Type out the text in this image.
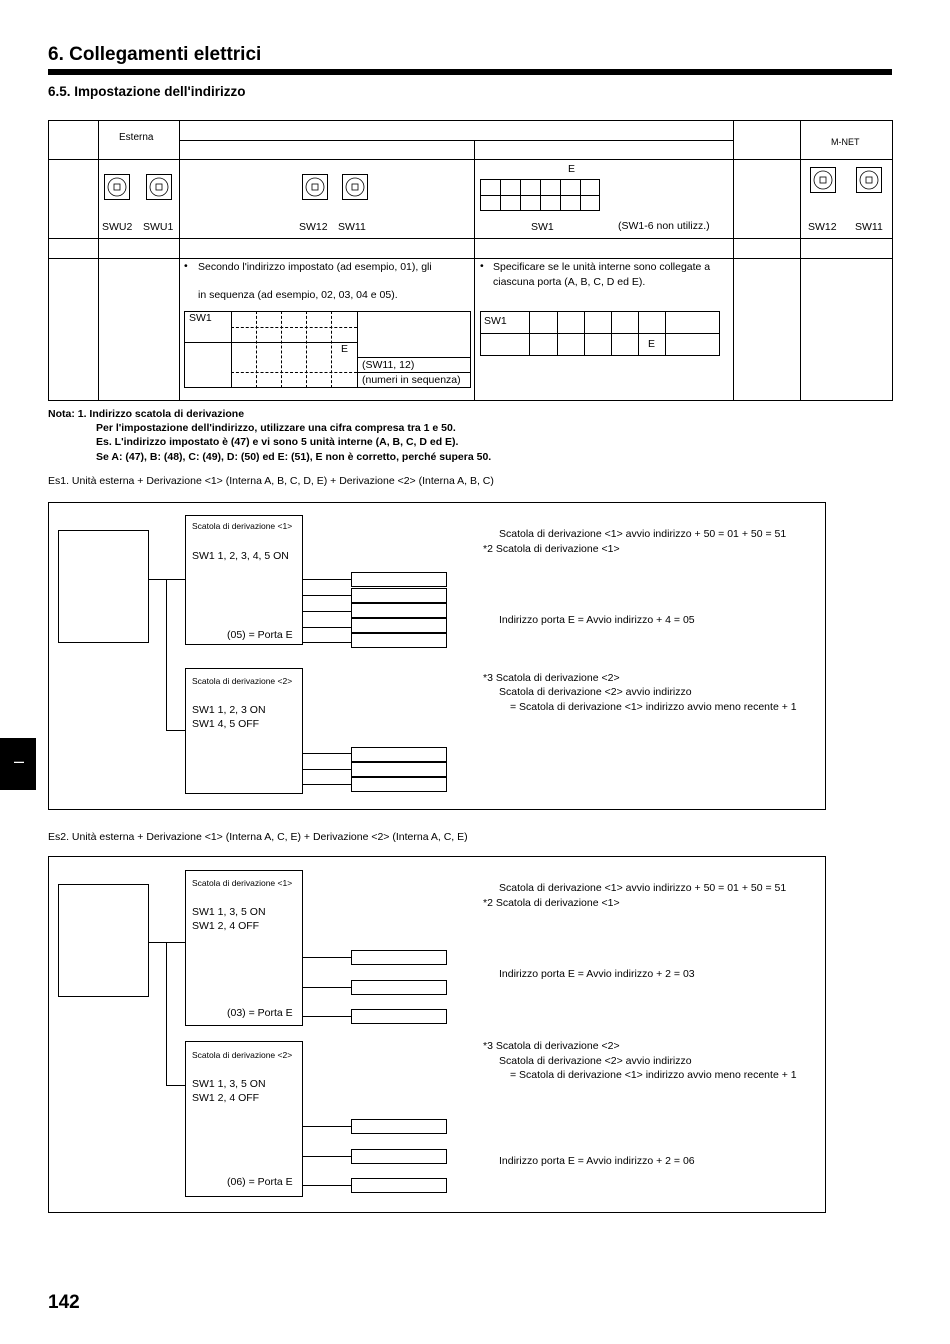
6. Collegamenti elettrici
6.5. Impostazione dell'indirizzo
Esterna	M-NET
SWU2 SWU1	SW12 SW11
E
SW1	(SW1-6 non utilizz.)	SW12 SW11
• Secondo l'indirizzo impostato (ad esempio, 01), gli
in sequenza (ad esempio, 02, 03, 04 e 05).
SW1
E
(SW11, 12)
(numeri in sequenza)
• Specificare se le unità interne sono collegate a
ciascuna porta (A, B, C, D ed E).
SW1
E
Nota: 1. Indirizzo scatola di derivazione
Per l'impostazione dell'indirizzo, utilizzare una cifra compresa tra 1 e 50.
Es. L'indirizzo impostato è (47) e vi sono 5 unità interne (A, B, C, D ed E).
Se A: (47), B: (48), C: (49), D: (50) ed E: (51), E non è corretto, perché supera 50.
Es1. Unità esterna + Derivazione <1> (Interna A, B, C, D, E) + Derivazione <2> (Interna A, B, C)
Scatola di derivazione <1>
SW1 1, 2, 3, 4, 5 ON
(05) = Porta E
Scatola di derivazione <2>
SW1 1, 2, 3 ON
SW1 4, 5 OFF
Scatola di derivazione <1> avvio indirizzo + 50 = 01 + 50 = 51
*2 Scatola di derivazione <1>
Indirizzo porta E = Avvio indirizzo + 4 = 05
*3 Scatola di derivazione <2>
Scatola di derivazione <2> avvio indirizzo
= Scatola di derivazione <1> indirizzo avvio meno recente + 1
–
Es2. Unità esterna + Derivazione <1> (Interna A, C, E) + Derivazione <2> (Interna A, C, E)
Scatola di derivazione <1>
SW1 1, 3, 5 ON
SW1 2, 4 OFF
(03) = Porta E
Scatola di derivazione <2>
SW1 1, 3, 5 ON
SW1 2, 4 OFF
(06) = Porta E
Scatola di derivazione <1> avvio indirizzo + 50 = 01 + 50 = 51
*2 Scatola di derivazione <1>
Indirizzo porta E = Avvio indirizzo + 2 = 03
*3 Scatola di derivazione <2>
Scatola di derivazione <2> avvio indirizzo
= Scatola di derivazione <1> indirizzo avvio meno recente + 1
Indirizzo porta E = Avvio indirizzo + 2 = 06
142
